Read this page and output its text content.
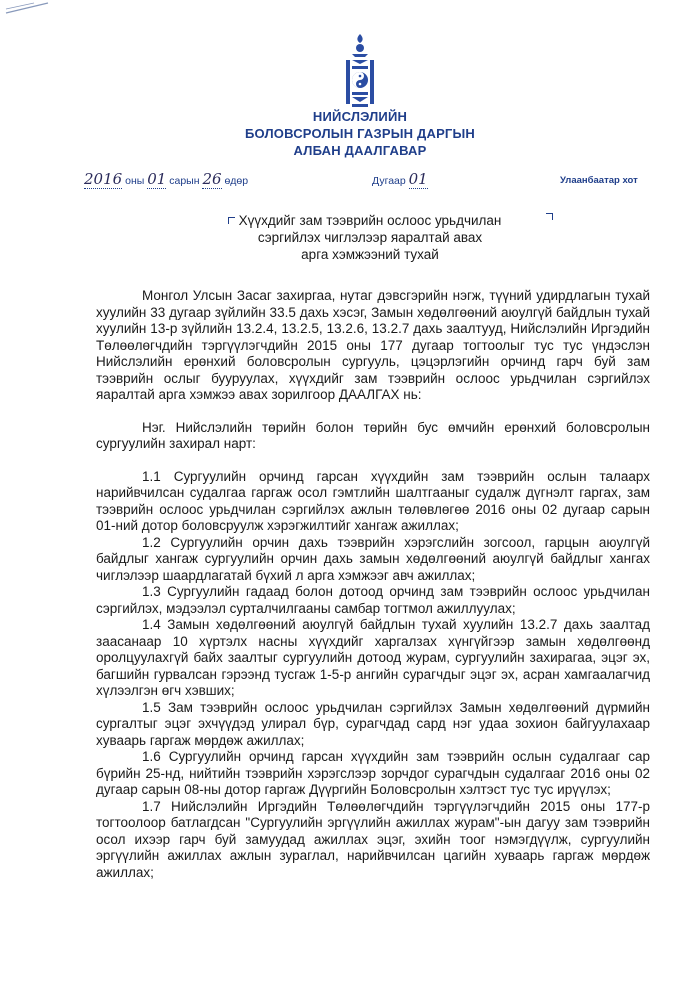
НИЙСЛЭЛИЙН
БОЛОВСРОЛЫН ГАЗРЫН ДАРГЫН
АЛБАН ДААЛГАВАР
2016 оны 01 сарын 26 өдөр	Дугаар 01	Улаанбаатар хот
Хүүхдийг зам тээврийн ослоос урьдчилан
сэргийлэх чиглэлээр яаралтай авах
арга хэмжээний тухай

Монгол Улсын Засаг захиргаа, нутаг дэвсгэрийн нэгж, түүний удирдлагын тухай хуулийн 33 дугаар зүйлийн 33.5 дахь хэсэг, Замын хөдөлгөөний аюулгүй байдлын тухай хуулийн 13-р зүйлийн 13.2.4, 13.2.5, 13.2.6, 13.2.7 дахь заалтууд, Нийслэлийн Иргэдийн Төлөөлөгчдийн тэргүүлэгчдийн 2015 оны 177 дугаар тогтоолыг тус тус үндэслэн Нийслэлийн ерөнхий боловсролын сургууль, цэцэрлэгийн орчинд гарч буй зам тээврийн ослыг бууруулах, хүүхдийг зам тээврийн ослоос урьдчилан сэргийлэх яаралтай арга хэмжээ авах зорилгоор ДААЛГАХ нь:

Нэг. Нийслэлийн төрийн болон төрийн бус өмчийн ерөнхий боловсролын сургуулийн захирал нарт:

1.1 Сургуулийн орчинд гарсан хүүхдийн зам тээврийн ослын талаарх нарийвчилсан судалгаа гаргаж осол гэмтлийн шалтгааныг судалж дүгнэлт гаргах, зам тээврийн ослоос урьдчилан сэргийлэх ажлын төлөвлөгөө 2016 оны 02 дугаар сарын 01-ний дотор боловсруулж хэрэгжилтийг хангаж ажиллах;

1.2 Сургуулийн орчин дахь тээврийн хэрэгслийн зогсоол, гарцын аюулгүй байдлыг хангаж сургуулийн орчин дахь замын хөдөлгөөний аюулгүй байдлыг хангах чиглэлээр шаардлагатай бүхий л арга хэмжээг авч ажиллах;

1.3 Сургуулийн гадаад болон дотоод орчинд зам тээврийн ослоос урьдчилан сэргийлэх, мэдээлэл сурталчилгааны самбар тогтмол ажиллуулах;

1.4 Замын хөдөлгөөний аюулгүй байдлын тухай хуулийн 13.2.7 дахь заалтад заасанаар 10 хүртэлх насны хүүхдийг харгалзах хүнгүйгээр замын хөдөлгөөнд оролцуулахгүй байх заалтыг сургуулийн дотоод журам, сургуулийн захирагаа, эцэг эх, багшийн гурвалсан гэрээнд тусгаж 1-5-р ангийн сурагчдыг эцэг эх, асран хамгаалагчид хүлээлгэн өгч хэвших;

1.5 Зам тээврийн ослоос урьдчилан сэргийлэх Замын хөдөлгөөний дүрмийн сургалтыг эцэг эхчүүдэд улирал бүр, сурагчдад сард нэг удаа зохион байгуулахаар хуваарь гаргаж мөрдөж ажиллах;

1.6 Сургуулийн орчинд гарсан хүүхдийн зам тээврийн ослын судалгааг сар бүрийн 25-нд, нийтийн тээврийн хэрэгслээр зорчдог сурагчдын судалгааг 2016 оны 02 дугаар сарын 08-ны дотор гаргаж Дүүргийн Боловсролын хэлтэст тус тус ирүүлэх;

1.7 Нийслэлийн Иргэдийн Төлөөлөгчдийн тэргүүлэгчдийн 2015 оны 177-р тогтоолоор батлагдсан "Сургуулийн эргүүлийн ажиллах журам"-ын дагуу зам тээврийн осол ихээр гарч буй замуудад ажиллах эцэг, эхийн тоог нэмэгдүүлж, сургуулийн эргүүлийн ажиллах ажлын зураглал, нарийвчилсан цагийн хуваарь гаргаж мөрдөж ажиллах;
